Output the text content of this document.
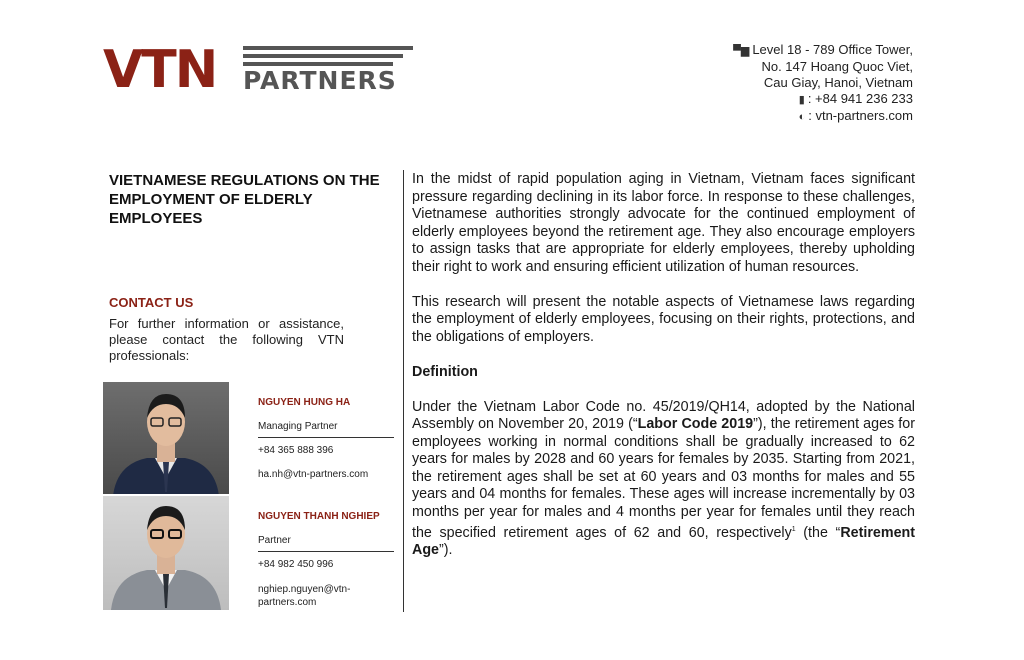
VTN PARTNERS
▀▆ Level 18 - 789 Office Tower,
No. 147 Hoang Quoc Viet,
Cau Giay, Hanoi, Vietnam
▮ : +84 941 236 233
◐ : vtn-partners.com
VIETNAMESE REGULATIONS ON THE EMPLOYMENT OF ELDERLY EMPLOYEES
CONTACT US
For further information or assistance, please contact the following VTN professionals:
NGUYEN HUNG HA
Managing Partner
+84 365 888 396
ha.nh@vtn-partners.com
NGUYEN THANH NGHIEP
Partner
+84 982 450 996
nghiep.nguyen@vtn-partners.com

In the midst of rapid population aging in Vietnam, Vietnam faces significant pressure regarding declining in its labor force. In response to these challenges, Vietnamese authorities strongly advocate for the continued employment of elderly employees beyond the retirement age. They also encourage employers to assign tasks that are appropriate for elderly employees, thereby upholding their right to work and ensuring efficient utilization of human resources.

This research will present the notable aspects of Vietnamese laws regarding the employment of elderly employees, focusing on their rights, protections, and the obligations of employers.

Definition

Under the Vietnam Labor Code no. 45/2019/QH14, adopted by the National Assembly on November 20, 2019 (“Labor Code 2019”), the retirement ages for employees working in normal conditions shall be gradually increased to 62 years for males by 2028 and 60 years for females by 2035. Starting from 2021, the retirement ages shall be set at 60 years and 03 months for males and 55 years and 04 months for females. These ages will increase incrementally by 03 months per year for males and 4 months per year for females until they reach the specified retirement ages of 62 and 60, respectively$^1$ (the “Retirement Age”).
